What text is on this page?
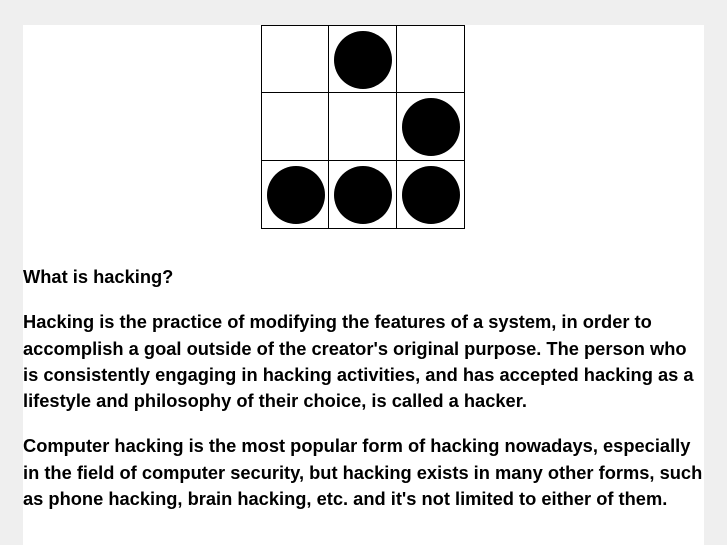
What is hacking?

Hacking is the practice of modifying the features of a system, in order to accomplish a goal outside of the creator's original purpose. The person who is consistently engaging in hacking activities, and has accepted hacking as a lifestyle and philosophy of their choice, is called a hacker.

Computer hacking is the most popular form of hacking nowadays, especially in the field of computer security, but hacking exists in many other forms, such as phone hacking, brain hacking, etc. and it's not limited to either of them.
